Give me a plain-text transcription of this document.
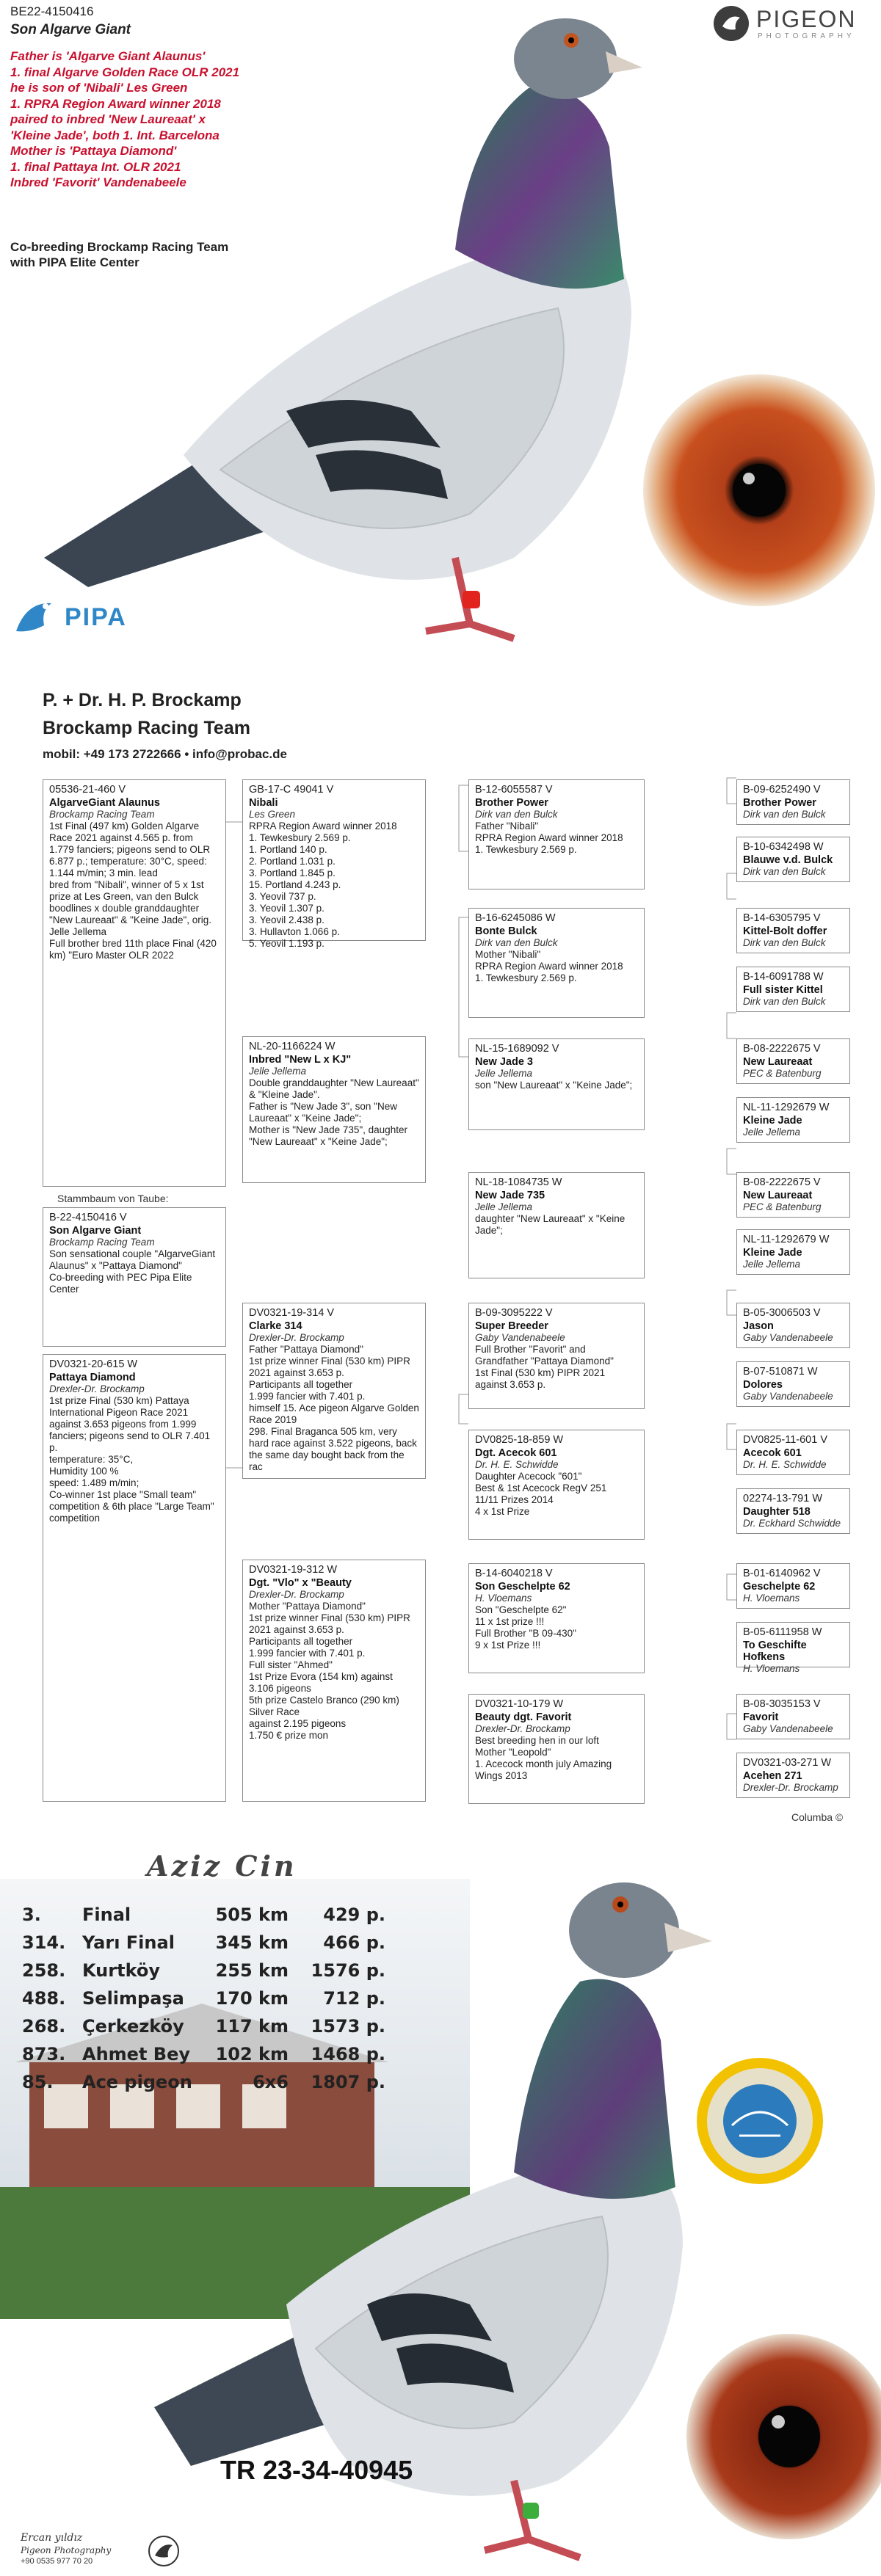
BE22-4150416
Son Algarve Giant
Father is 'Algarve Giant Alaunus'
1. final Algarve Golden Race OLR 2021
he is son of 'Nibali' Les Green
1. RPRA Region Award winner 2018
paired to inbred 'New Laureaat' x
'Kleine Jade', both 1. Int. Barcelona
Mother is 'Pattaya Diamond'
1. final Pattaya Int. OLR 2021
Inbred 'Favorit' Vandenabeele
Co-breeding Brockamp Racing Team
with PIPA Elite Center
PIGEON
PHOTOGRAPHY
PIPA
P. + Dr. H. P. Brockamp
Brockamp Racing Team
mobil: +49 173 2722666 • info@probac.de
Stammbaum von Taube:
05536-21-460 V
AlgarveGiant Alaunus
Brockamp Racing Team
1st Final (497 km) Golden Algarve Race 2021 against 4.565 p. from 1.779 fanciers; pigeons send to OLR 6.877 p.; temperature: 30°C, speed: 1.144 m/min; 3 min. lead
bred from "Nibali", winner of 5 x 1st prize at Les Green, van den Bulck boodlines x double granddaughter "New Laureaat" & "Keine Jade", orig. Jelle Jellema
Full brother bred 11th place Final (420 km) "Euro Master OLR 2022
B-22-4150416 V
Son Algarve Giant
Brockamp Racing Team
Son sensational couple "AlgarveGiant Alaunus" x "Pattaya Diamond"
Co-breeding with PEC Pipa Elite Center
DV0321-20-615 W
Pattaya Diamond
Drexler-Dr. Brockamp
1st prize Final (530 km) Pattaya International Pigeon Race 2021
against 3.653 pigeons from 1.999 fanciers; pigeons send to OLR 7.401 p.
temperature: 35°C,
Humidity 100 %
speed: 1.489 m/min;
Co-winner 1st place "Small team" competition & 6th place "Large Team" competition
GB-17-C 49041 V
Nibali
Les Green
RPRA Region Award winner 2018
1. Tewkesbury 2.569 p.
1. Portland 140 p.
2. Portland 1.031 p.
3. Portland 1.845 p.
15. Portland 4.243 p.
3. Yeovil 737 p.
3. Yeovil 1.307 p.
3. Yeovil 2.438 p.
3. Hullavton 1.066 p.
5. Yeovil 1.193 p.
NL-20-1166224 W
Inbred "New L x KJ"
Jelle Jellema
Double granddaughter "New Laureaat" & "Kleine Jade".
Father is "New Jade 3", son "New Laureaat" x "Keine Jade";
Mother is "New Jade 735", daughter "New Laureaat" x "Keine Jade";
DV0321-19-314 V
Clarke 314
Drexler-Dr. Brockamp
Father "Pattaya Diamond"
1st prize winner Final (530 km) PIPR 2021 against 3.653 p.
Participants all together
1.999 fancier with 7.401 p.
himself 15. Ace pigeon Algarve Golden Race 2019
298. Final Braganca 505 km, very hard race against 3.522 pigeons, back the same day bought back from the rac
DV0321-19-312 W
Dgt. "Vlo" x "Beauty
Drexler-Dr. Brockamp
Mother "Pattaya Diamond"
1st prize winner Final (530 km) PIPR 2021 against 3.653 p.
Participants all together
1.999 fancier with 7.401 p.
Full sister "Ahmed"
1st Prize Evora (154 km) against 3.106 pigeons
5th prize Castelo Branco (290 km) Silver Race
against 2.195 pigeons
1.750 € prize mon
B-12-6055587 V
Brother Power
Dirk van den Bulck
Father "Nibali"
RPRA Region Award winner 2018
1. Tewkesbury 2.569 p.
B-16-6245086 W
Bonte Bulck
Dirk van den Bulck
Mother "Nibali"
RPRA Region Award winner 2018
1. Tewkesbury 2.569 p.
NL-15-1689092 V
New Jade 3
Jelle Jellema
son "New Laureaat" x "Keine Jade";
NL-18-1084735 W
New Jade 735
Jelle Jellema
daughter "New Laureaat" x "Keine Jade";
B-09-3095222 V
Super Breeder
Gaby Vandenabeele
Full Brother "Favorit" and Grandfather "Pattaya Diamond"
1st Final (530 km) PIPR 2021 against 3.653 p.
DV0825-18-859 W
Dgt. Acecok 601
Dr. H. E. Schwidde
Daughter Acecock "601"
Best & 1st Acecock RegV 251
11/11 Prizes 2014
4 x 1st Prize
B-14-6040218 V
Son Geschelpte 62
H. Vloemans
Son "Geschelpte 62"
11 x 1st prize !!!
Full Brother "B 09-430"
9 x 1st Prize !!!
DV0321-10-179 W
Beauty dgt. Favorit
Drexler-Dr. Brockamp
Best breeding hen in our loft
Mother "Leopold"
1. Acecock month july Amazing Wings 2013
B-09-6252490 V
Brother Power
Dirk van den Bulck
B-10-6342498 W
Blauwe v.d. Bulck
Dirk van den Bulck
B-14-6305795 V
Kittel-Bolt doffer
Dirk van den Bulck
B-14-6091788 W
Full sister Kittel
Dirk van den Bulck
B-08-2222675 V
New Laureaat
PEC & Batenburg
NL-11-1292679 W
Kleine Jade
Jelle Jellema
B-08-2222675 V
New Laureaat
PEC & Batenburg
NL-11-1292679 W
Kleine Jade
Jelle Jellema
B-05-3006503 V
Jason
Gaby Vandenabeele
B-07-510871 W
Dolores
Gaby Vandenabeele
DV0825-11-601 V
Acecok 601
Dr. H. E. Schwidde
02274-13-791 W
Daughter 518
Dr. Eckhard Schwidde
B-01-6140962 V
Geschelpte 62
H. Vloemans
B-05-6111958 W
To Geschifte Hofkens
H. Vloemans
B-08-3035153 V
Favorit
Gaby Vandenabeele
DV0321-03-271 W
Acehen 271
Drexler-Dr. Brockamp
Columba ©
Aziz Cin
3.	Final	505 km	429 p.
314.	Yarı Final	345 km	466 p.
258.	Kurtköy	255 km	1576 p.
488.	Selimpaşa	170 km	712 p.
268.	Çerkezköy	117 km	1573 p.
873.	Ahmet Bey	102 km	1468 p.
85.	Ace pigeon	6x6	1807 p.
TR 23-34-40945
Ercan yıldız
Pigeon Photography
+90 0535 977 70 20
